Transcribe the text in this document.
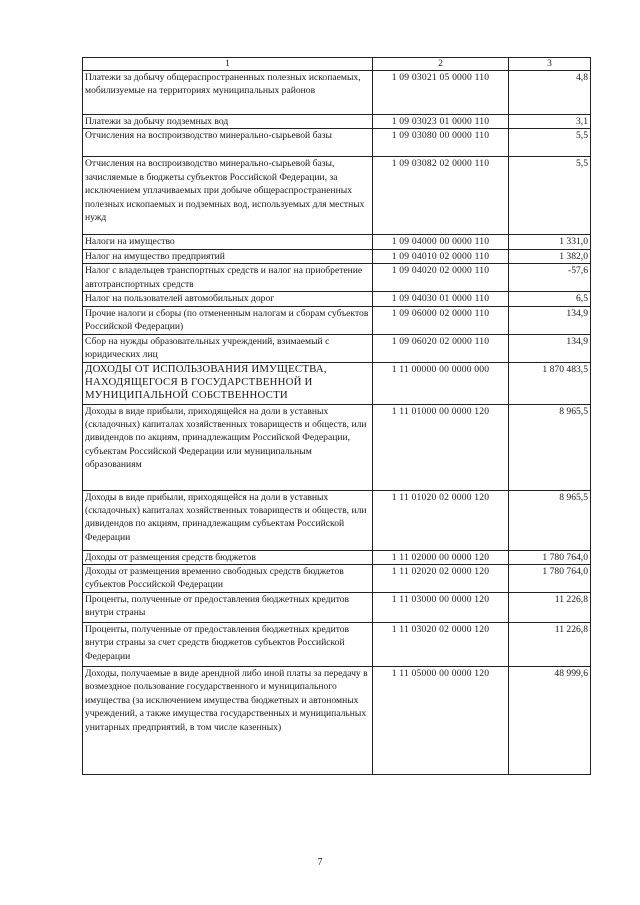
1	2	3
Платежи за добычу общераспространенных полезных ископаемых, мобилизуемые на территориях муниципальных районов	1 09 03021 05 0000 110	4,8
Платежи за добычу подземных вод	1 09 03023 01 0000 110	3,1
Отчисления на воспроизводство минерально-сырьевой базы	1 09 03080 00 0000 110	5,5
Отчисления на воспроизводство минерально-сырьевой базы, зачисляемые в бюджеты субъектов Российской Федерации, за исключением уплачиваемых при добыче общераспространенных полезных ископаемых и подземных вод, используемых для местных нужд	1 09 03082 02 0000 110	5,5
Налоги на имущество	1 09 04000 00 0000 110	1 331,0
Налог на имущество предприятий	1 09 04010 02 0000 110	1 382,0
Налог с владельцев транспортных средств и налог на приобретение автотранспортных средств	1 09 04020 02 0000 110	-57,6
Налог на пользователей автомобильных дорог	1 09 04030 01 0000 110	6,5
Прочие налоги и сборы (по отмененным налогам и сборам субъектов Российской Федерации)	1 09 06000 02 0000 110	134,9
Сбор на нужды образовательных учреждений, взимаемый с юридических лиц	1 09 06020 02 0000 110	134,9
ДОХОДЫ ОТ ИСПОЛЬЗОВАНИЯ ИМУЩЕСТВА, НАХОДЯЩЕГОСЯ В ГОСУДАРСТВЕННОЙ И МУНИЦИПАЛЬНОЙ СОБСТВЕННОСТИ	1 11 00000 00 0000 000	1 870 483,5
Доходы в виде прибыли, приходящейся на доли в уставных (складочных) капиталах хозяйственных товариществ и обществ, или дивидендов по акциям, принадлежащим Российской Федерации, субъектам Российской Федерации или муниципальным образованиям	1 11 01000 00 0000 120	8 965,5
Доходы в виде прибыли, приходящейся на доли в уставных (складочных) капиталах хозяйственных товариществ и обществ, или дивидендов по акциям, принадлежащим субъектам Российской Федерации	1 11 01020 02 0000 120	8 965,5
Доходы от размещения средств бюджетов	1 11 02000 00 0000 120	1 780 764,0
Доходы от размещения временно свободных средств бюджетов субъектов Российской Федерации	1 11 02020 02 0000 120	1 780 764,0
Проценты, полученные от предоставления бюджетных кредитов внутри страны	1 11 03000 00 0000 120	11 226,8
Проценты, полученные от предоставления бюджетных кредитов внутри страны за счет средств бюджетов субъектов Российской Федерации	1 11 03020 02 0000 120	11 226,8
Доходы, получаемые в виде арендной либо иной платы за передачу в возмездное пользование государственного и муниципального имущества (за исключением имущества бюджетных и автономных учреждений, а также имущества государственных и муниципальных унитарных предприятий, в том числе казенных)	1 11 05000 00 0000 120	48 999,6
7
